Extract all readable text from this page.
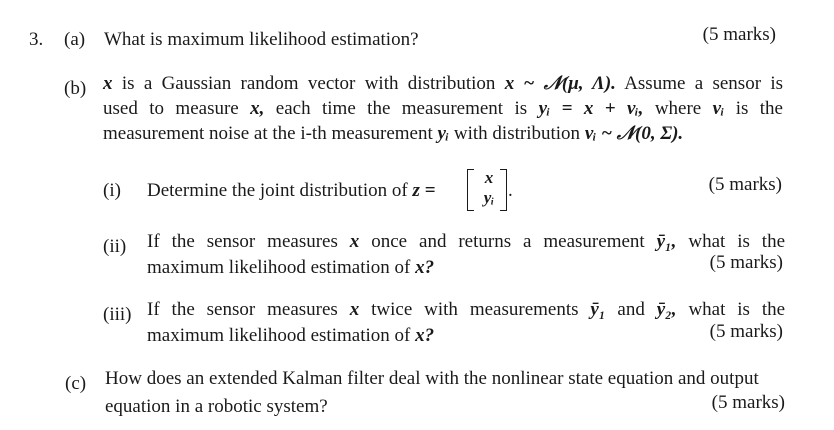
3. (a) What is maximum likelihood estimation?	(5 marks)
(b) x is a Gaussian random vector with distribution x ~ 𝒩(μ, Λ). Assume a sensor is
used to measure x, each time the measurement is yᵢ = x + vᵢ, where vᵢ is the
measurement noise at the i-th measurement yᵢ with distribution vᵢ ~ 𝒩(0, Σ).
(i) Determine the joint distribution of z =
x
yᵢ .	(5 marks)
(ii) If the sensor measures x once and returns a measurement ȳ₁, what is the
maximum likelihood estimation of x?	(5 marks)
(iii) If the sensor measures x twice with measurements ȳ₁ and ȳ₂, what is the
maximum likelihood estimation of x?	(5 marks)
(c) How does an extended Kalman filter deal with the nonlinear state equation and output
equation in a robotic system?	(5 marks)
